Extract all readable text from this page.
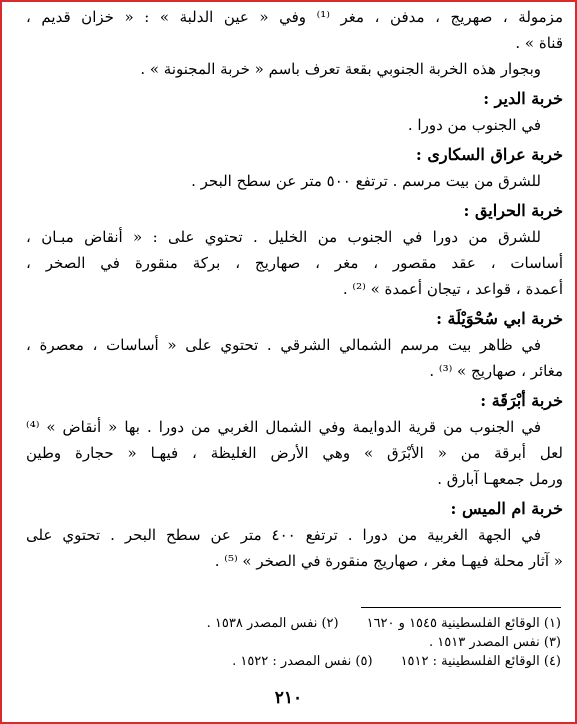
مزمولة ، صهريج ، مدفن ، مغر ⁽¹⁾ وفي « عين الدلبة » : « خزان قديم ،
قناة » .
وبجوار هذه الخربة الجنوبي بقعة تعرف باسم « خربة المجنونة » .
خربة الدير :
في الجنوب من دورا .
خربة عراق السكارى :
للشرق من بيت مرسم . ترتفع ٥٠٠ متر عن سطح البحر .
خربة الحرايق :
للشرق من دورا في الجنوب من الخليل . تحتوي على : « أنقاض مبـان ،
أساسات ، عقد مقصور ، مغر ، صهاريج ، بركة منقورة في الصخر ،
أعمدة ، قواعد ، تيجان أعمدة » ⁽²⁾ .
خربة ابي سُحْوَيْلَة :
في ظاهر بيت مرسم الشمالي الشرقي . تحتوي على « أساسات ، معصرة ،
مغائر ، صهاريج » ⁽³⁾ .
خربة أبْرَقَة :
في الجنوب من قرية الدوايمة وفي الشمال الغربي من دورا . بها « أنقاض » ⁽⁴⁾
لعل أبرقة من « الأبْرَق » وهي الأرض الغليظة ، فيهـا « حجارة وطين
ورمل جمعهـا آبارق .
خربة ام الميس :
في الجهة الغربية من دورا . ترتفع ٤٠٠ متر عن سطح البحر . تحتوي على
« آثار محلة فيهـا مغر ، صهاريج منقورة في الصخر » ⁽⁵⁾ .
(١) الوقائع الفلسطينية ١٥٤٥ و ١٦٢٠(٢) نفس المصدر ١٥٣٨ .
(٣) نفس المصدر ١٥١٣ .
(٤) الوقائع الفلسطينية : ١٥١٢(٥) نفس المصدر : ١٥٢٢ .
٢١٠
